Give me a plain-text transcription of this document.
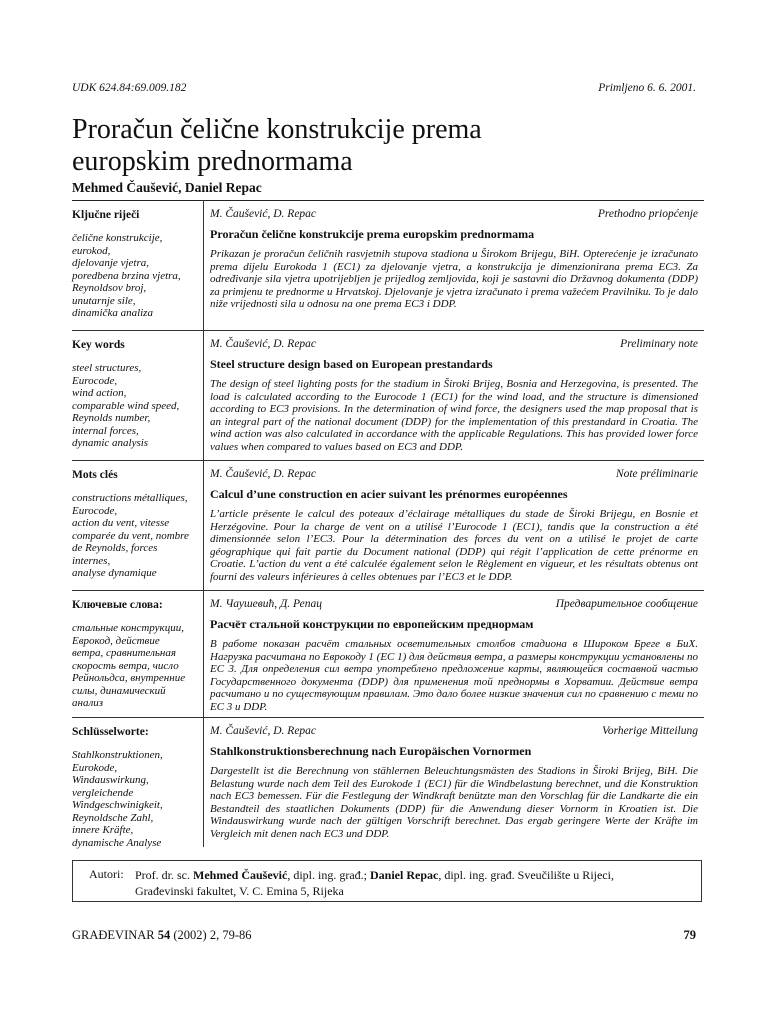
UDK 624.84:69.009.182	Primljeno 6. 6. 2001.
Proračun čelične konstrukcije prema
europskim prednormama
Mehmed Čaušević, Daniel Repac
Ključne riječi
čelične konstrukcije,
eurokod,
djelovanje vjetra,
poredbena brzina vjetra,
Reynoldsov broj,
unutarnje sile,
dinamička analiza
M. Čaušević, D. Repac	Prethodno priopćenje
Proračun čelične konstrukcije prema europskim prednormama
Prikazan je proračun čeličnih rasvjetnih stupova stadiona u Širokom Brijegu, BiH. Opterećenje je izračunato prema dijelu Eurokoda 1 (EC1) za djelovanje vjetra, a konstrukcija je dimenzionirana prema EC3. Za određivanje sila vjetra upotrijebljen je prijedlog zemljovida, koji je sastavni dio Državnog dokumenta (DDP) za primjenu te prednorme u Hrvatskoj. Djelovanje je vjetra izračunato i prema važećem Pravilniku. To je dalo niže vrijednosti sila u odnosu na one prema EC3 i DDP.
Key words
steel structures,
Eurocode,
wind action,
comparable wind speed,
Reynolds number,
internal forces,
dynamic analysis
M. Čaušević, D. Repac	Preliminary note
Steel structure design based on European prestandards
The design of steel lighting posts for the stadium in Široki Brijeg, Bosnia and Herzegovina, is presented. The load is calculated according to the Eurocode 1 (EC1) for the wind load, and the structure is dimensioned according to EC3 provisions. In the determination of wind force, the designers used the map proposal that is an integral part of the national document (DDP) for the implementation of this prestandard in Croatia. The wind action was also calculated in accordance with the applicable Regulations. This has provided lower force values when compared to values based on EC3 and DDP.
Mots clés
constructions métalliques,
Eurocode,
action du vent, vitesse
comparée du vent, nombre
de Reynolds, forces
internes,
analyse dynamique
M. Čaušević, D. Repac	Note préliminarie
Calcul d’une construction en acier suivant les prénormes européennes
L’article présente le calcul des poteaux d’éclairage métalliques du stade de Široki Brijegu, en Bosnie et Herzégovine. Pour la charge de vent on a utilisé l’Eurocode 1 (EC1), tandis que la construction a été dimensionnée selon l’EC3. Pour la détermination des forces du vent on a utilisé le projet de carte géographique qui fait partie du Document national (DDP) qui régit l’application de cette prénorme en Croatie. L’action du vent a été calculée également selon le Règlement en vigueur, et les résultats obtenus ont fourni des valeurs inférieures à celles obtenues par l’EC3 et le DDP.
Ключевые слова:
стальные конструкции,
Еврокод, действие
ветра, сравнительная
скорость ветра, число
Рейнольдса, внутренние
силы, динамический
анализ
M. Чаушевић, Д. Репац	Предварительное сообщение
Расчёт стальной конструкции по европейским преднормам
В работе показан расчёт стальных осветительных столбов стадиона в Широком Бреге в БиХ. Нагрузка расчитана по Еврокоду 1 (ЕС 1) для действия ветра, а размеры конструкции установлены по ЕС 3. Для определения сил ветра употреблено предложение карты, являющейся составной частью Государственного документа (DDP) для применения той преднормы в Хорватии. Действие ветра расчитано и по существующим правилам. Это дало более низкие значения сил по сравнению с теми по ЕС 3 и DDP.
Schlüsselworte:
Stahlkonstruktionen,
Eurokode,
Windauswirkung,
vergleichende
Windgeschwinigkeit,
Reynoldsche Zahl,
innere Kräfte,
dynamische Analyse
M. Čaušević, D. Repac	Vorherige Mitteilung
Stahlkonstruktionsberechnung nach Europäischen Vornormen
Dargestellt ist die Berechnung von stählernen Beleuchtungsmästen des Stadions in Široki Brijeg, BiH. Die Belastung wurde nach dem Teil des Eurokode 1 (EC1) für die Windbelastung berechnet, und die Konstruktion nach EC3 bemessen. Für die Festlegung der Windkraft benützte man den Vorschlag für die Landkarte die ein Bestandteil des staatlichen Dokuments (DDP) für die Anwendung dieser Vornorm in Kroatien ist. Die Windauswirkung wurde nach der gültigen Vorschrift berechnet. Das ergab geringere Werte der Kräfte im Vergleich mit denen nach EC3 und DDP.
Autori: Prof. dr. sc. Mehmed Čaušević, dipl. ing. građ.; Daniel Repac, dipl. ing. građ. Sveučilište u Rijeci,
Građevinski fakultet, V. C. Emina 5, Rijeka
GRAĐEVINAR 54 (2002) 2, 79-86	79
